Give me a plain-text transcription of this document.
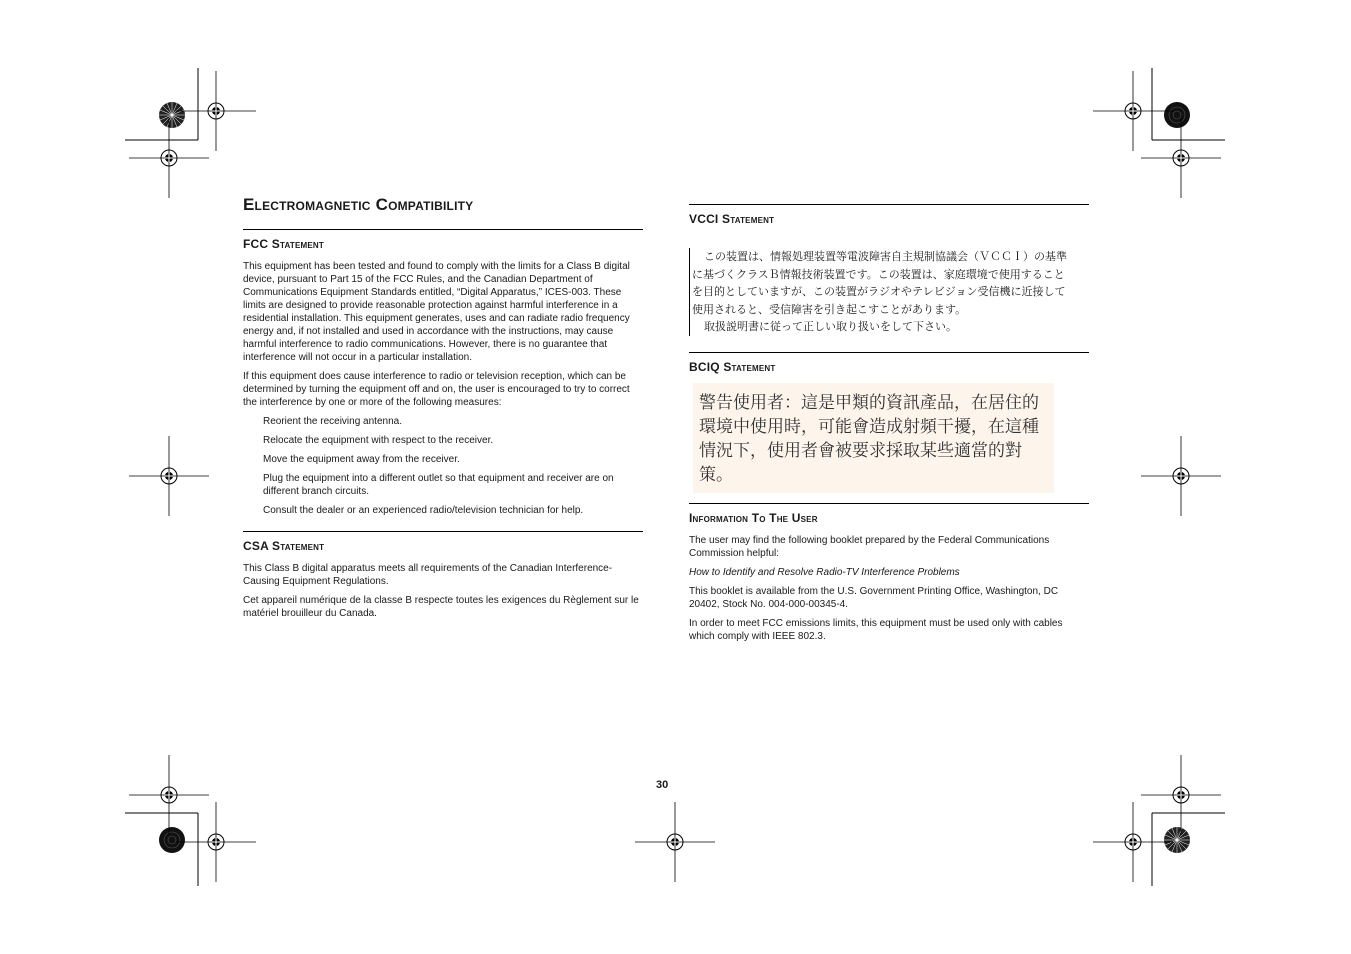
Electromagnetic Compatibility
FCC Statement

This equipment has been tested and found to comply with the limits for a Class B digital device, pursuant to Part 15 of the FCC Rules, and the Canadian Department of Communications Equipment Standards entitled, “Digital Apparatus,” ICES-003. These limits are designed to provide reasonable protection against harmful interference in a residential installation. This equipment generates, uses and can radiate radio frequency energy and, if not installed and used in accordance with the instructions, may cause harmful interference to radio communications. However, there is no guarantee that interference will not occur in a particular installation.

If this equipment does cause interference to radio or television reception, which can be determined by turning the equipment off and on, the user is encouraged to try to correct the interference by one or more of the following measures:

Reorient the receiving antenna.

Relocate the equipment with respect to the receiver.

Move the equipment away from the receiver.

Plug the equipment into a different outlet so that equipment and receiver are on different branch circuits.

Consult the dealer or an experienced radio/television technician for help.

CSA Statement

This Class B digital apparatus meets all requirements of the Canadian Interference-Causing Equipment Regulations.

Cet appareil numérique de la classe B respecte toutes les exigences du Règlement sur le matériel brouilleur du Canada.

VCCI Statement

この装置は、情報処理装置等電波障害自主規制協議会（ＶＣＣＩ）の基準

に基づくクラスＢ情報技術装置です。この装置は、家庭環境で使用すること

を目的としていますが、この装置がラジオやテレビジョン受信機に近接して

使用されると、受信障害を引き起こすことがあります。

取扱説明書に従って正しい取り扱いをして下さい。

BCIQ Statement
警告使用者：這是甲類的資訊產品，在居住的
環境中使用時，可能會造成射頻干擾，在這種
情況下，使用者會被要求採取某些適當的對策。
Information To The User

The user may find the following booklet prepared by the Federal Communications Commission helpful:

How to Identify and Resolve Radio-TV Interference Problems

This booklet is available from the U.S. Government Printing Office, Washington, DC 20402, Stock No. 004-000-00345-4.

In order to meet FCC emissions limits, this equipment must be used only with cables which comply with IEEE 802.3.

30
